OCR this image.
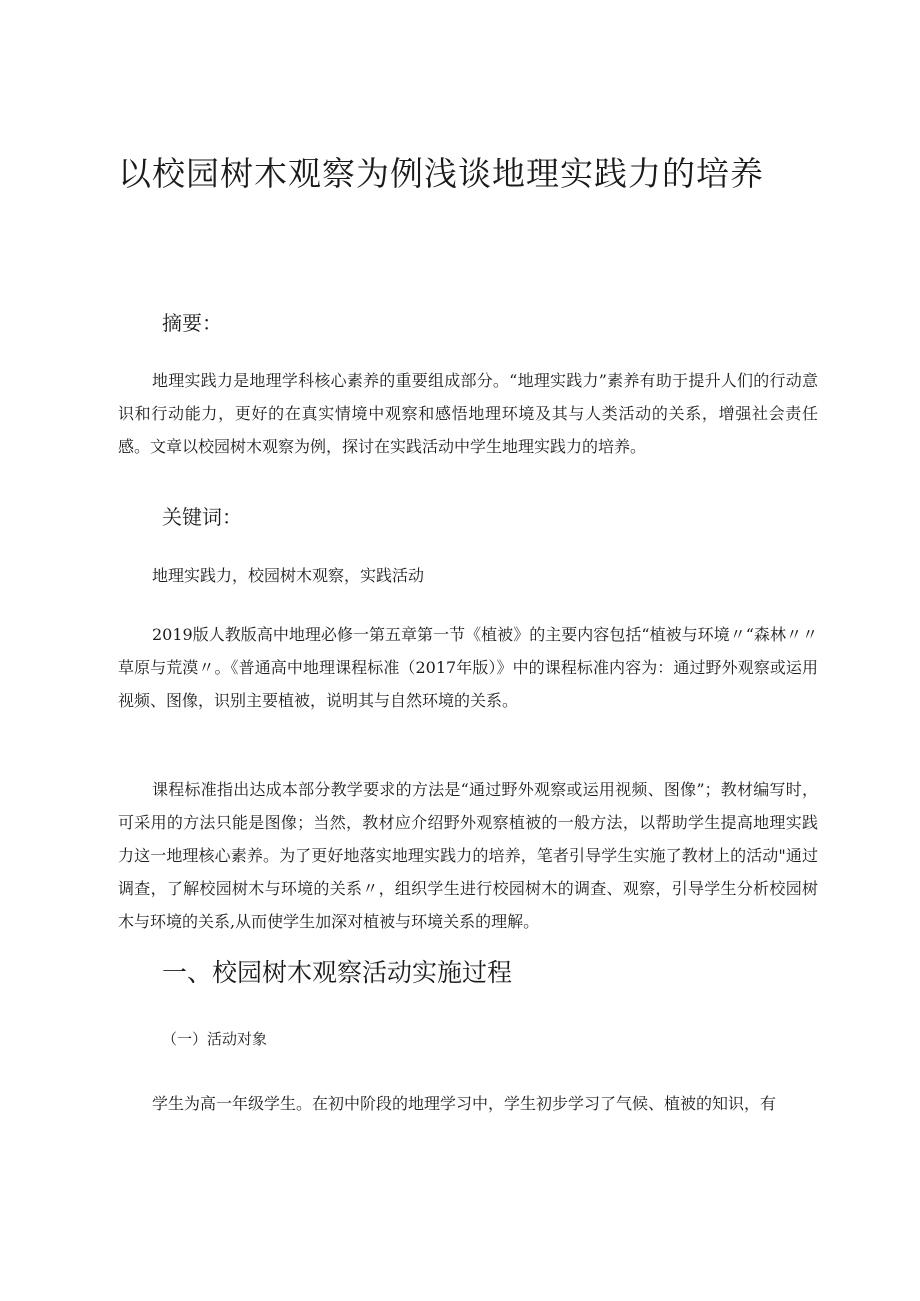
以校园树木观察为例浅谈地理实践力的培养

摘要：

地理实践力是地理学科核心素养的重要组成部分。“地理实践力”素养有助于提升人们的行动意识和行动能力，更好的在真实情境中观察和感悟地理环境及其与人类活动的关系，增强社会责任感。文章以校园树木观察为例，探讨在实践活动中学生地理实践力的培养。

关键词：

地理实践力，校园树木观察，实践活动

2019版人教版高中地理必修一第五章第一节《植被》的主要内容包括“植被与环境〃“森林〃〃草原与荒漠〃。《普通高中地理课程标准（2017年版）》中的课程标准内容为：通过野外观察或运用视频、图像，识别主要植被，说明其与自然环境的关系。

课程标准指出达成本部分教学要求的方法是“通过野外观察或运用视频、图像”；教材编写时，可采用的方法只能是图像；当然，教材应介绍野外观察植被的一般方法，以帮助学生提高地理实践力这一地理核心素养。为了更好地落实地理实践力的培养，笔者引导学生实施了教材上的活动"通过调查，了解校园树木与环境的关系〃，组织学生进行校园树木的调查、观察，引导学生分析校园树木与环境的关系,从而使学生加深对植被与环境关系的理解。

一、校园树木观察活动实施过程

（一）活动对象

学生为高一年级学生。在初中阶段的地理学习中，学生初步学习了气候、植被的知识，有
